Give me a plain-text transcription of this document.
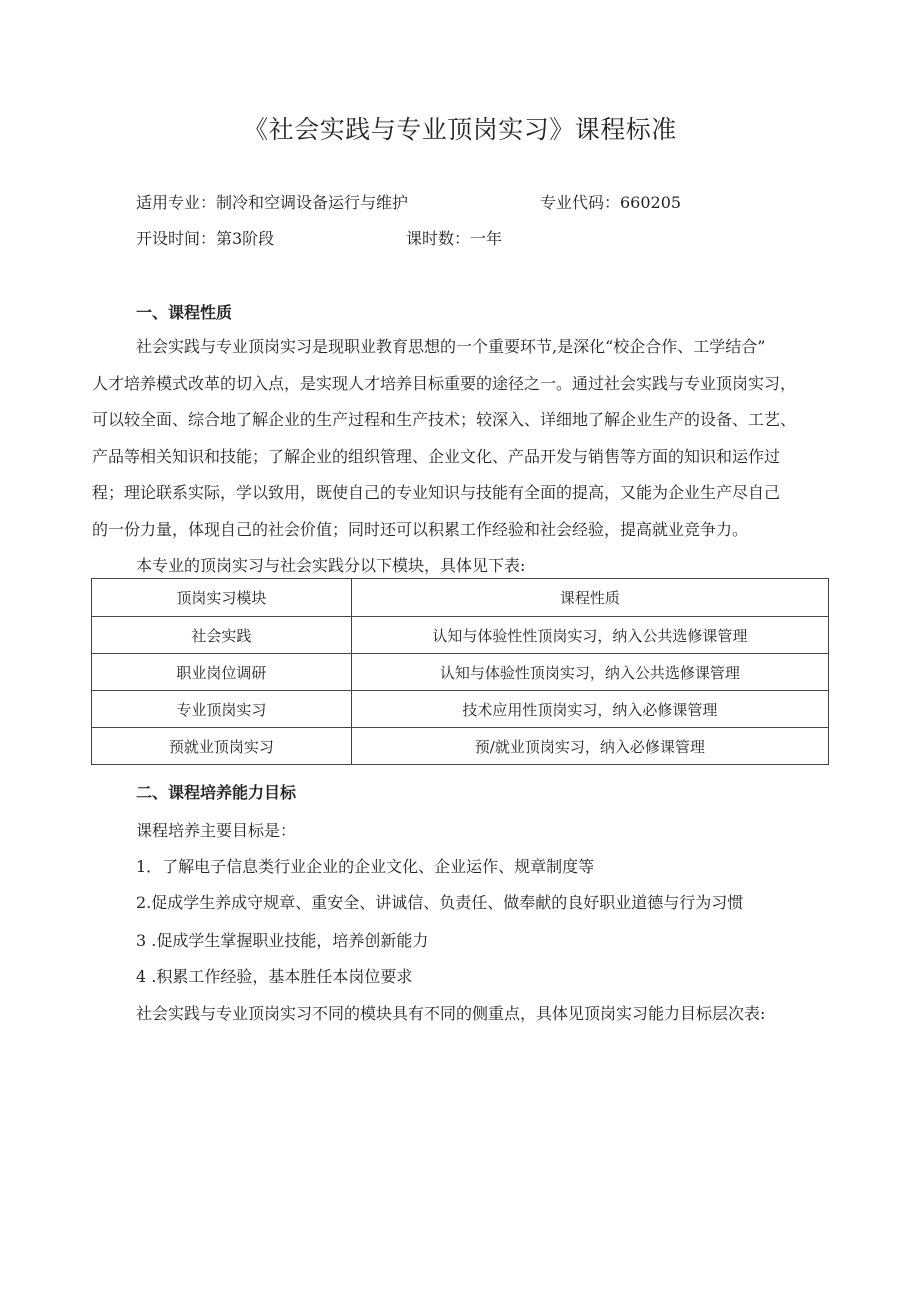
《社会实践与专业顶岗实习》课程标准
适用专业：制冷和空调设备运行与维护	专业代码：660205
开设时间：第3阶段	课时数：一年
一、课程性质
社会实践与专业顶岗实习是现职业教育思想的一个重要环节,是深化“校企合作、工学结合”
人才培养模式改革的切入点，是实现人才培养目标重要的途径之一。通过社会实践与专业顶岗实习，
可以较全面、综合地了解企业的生产过程和生产技术；较深入、详细地了解企业生产的设备、工艺、
产品等相关知识和技能；了解企业的组织管理、企业文化、产品开发与销售等方面的知识和运作过
程；理论联系实际，学以致用，既使自己的专业知识与技能有全面的提高，又能为企业生产尽自己
的一份力量，体现自己的社会价值；同时还可以积累工作经验和社会经验，提高就业竞争力。
本专业的顶岗实习与社会实践分以下模块，具体见下表:
顶岗实习模块	课程性质
社会实践	认知与体验性性顶岗实习，纳入公共选修课管理
职业岗位调研	认知与体验性顶岗实习，纳入公共选修课管理
专业顶岗实习	技术应用性顶岗实习，纳入必修课管理
预就业顶岗实习	预/就业顶岗实习，纳入必修课管理
二、课程培养能力目标
课程培养主要目标是：
1．了解电子信息类行业企业的企业文化、企业运作、规章制度等
2.促成学生养成守规章、重安全、讲诚信、负责任、做奉献的良好职业道德与行为习惯
3 .促成学生掌握职业技能，培养创新能力
4 .积累工作经验，基本胜任本岗位要求
社会实践与专业顶岗实习不同的模块具有不同的侧重点，具体见顶岗实习能力目标层次表:
